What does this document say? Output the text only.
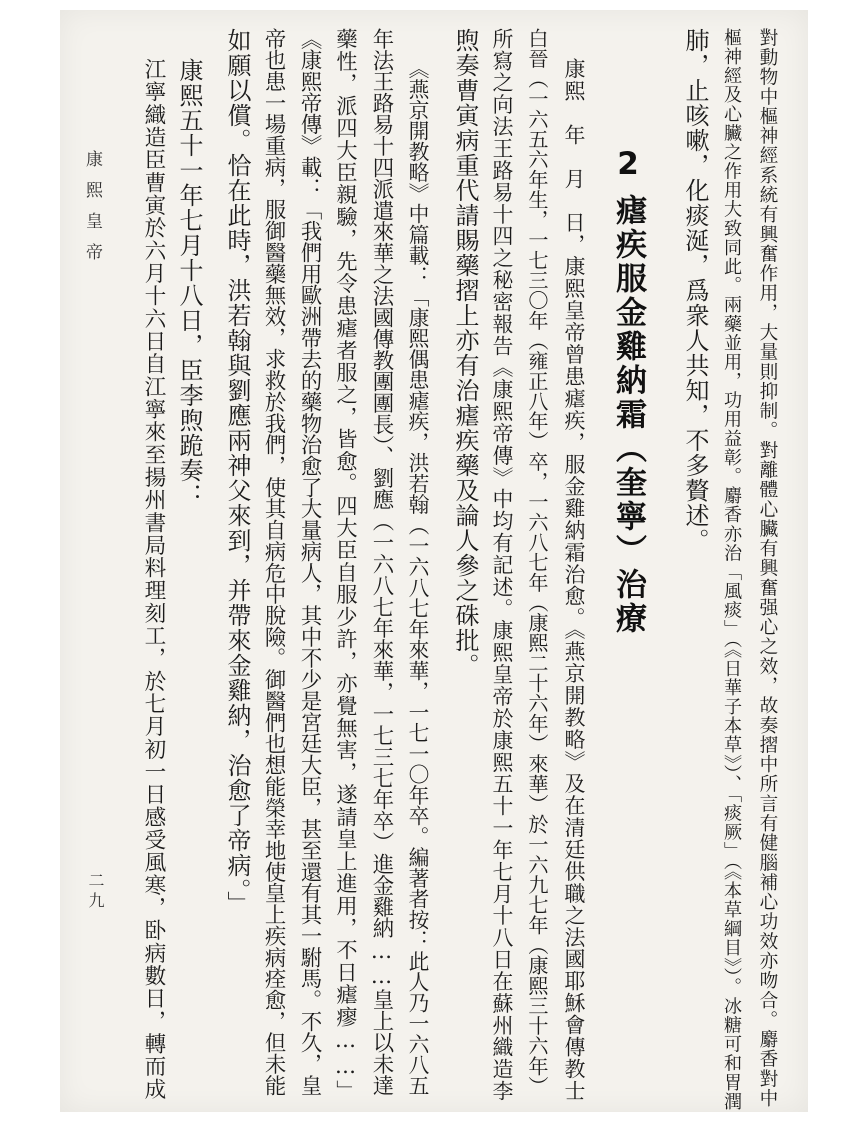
對動物中樞神經系統有興奮作用，大量則抑制。對離體心臟有興奮强心之效，故奏摺中所言有健腦補心功效亦吻合。麝香對中
樞神經及心臟之作用大致同此。兩藥並用，功用益彰。麝香亦治「風痰」（《日華子本草》）、「痰厥」（《本草綱目》）。冰糖可和胃潤
肺，止咳嗽，化痰涎，爲衆人共知，不多贅述。
2
瘧疾服金雞納霜（奎寧）治療
康熙　年　月　日，康熙皇帝曾患瘧疾，服金雞納霜治愈。《燕京開教略》及在清廷供職之法國耶穌會傳教士
白晉（一六五六年生，一七三〇年（雍正八年）卒，一六八七年（康熙二十六年）來華）於一六九七年（康熙三十六年）
所寫之向法王路易十四之秘密報告《康熙帝傳》中均有記述。康熙皇帝於康熙五十一年七月十八日在蘇州織造李
煦奏曹寅病重代請賜藥摺上亦有治瘧疾藥及論人參之硃批。
《燕京開教略》中篇載：「康熙偶患瘧疾，洪若翰（一六八七年來華，一七一〇年卒。編著者按：此人乃一六八五
年法王路易十四派遣來華之法國傳教團團長）、劉應（一六八七年來華，一七三七年卒）進金雞納……皇上以未達
藥性，派四大臣親驗，先令患瘧者服之，皆愈。四大臣自服少許，亦覺無害，遂請皇上進用，不日瘧瘳……」
《康熙帝傳》載：「我們用歐洲帶去的藥物治愈了大量病人，其中不少是宮廷大臣，甚至還有其一駙馬。不久，皇
帝也患一場重病，服御醫藥無效，求救於我們，使其自病危中脫險。御醫們也想能榮幸地使皇上疾病痊愈，但未能
如願以償。恰在此時，洪若翰與劉應兩神父來到，并帶來金雞納，治愈了帝病。」
康熙五十一年七月十八日，臣李煦跪奏：
江寧織造臣曹寅於六月十六日自江寧來至揚州書局料理刻工，於七月初一日感受風寒，卧病數日，轉而成
康熙皇帝
二九
